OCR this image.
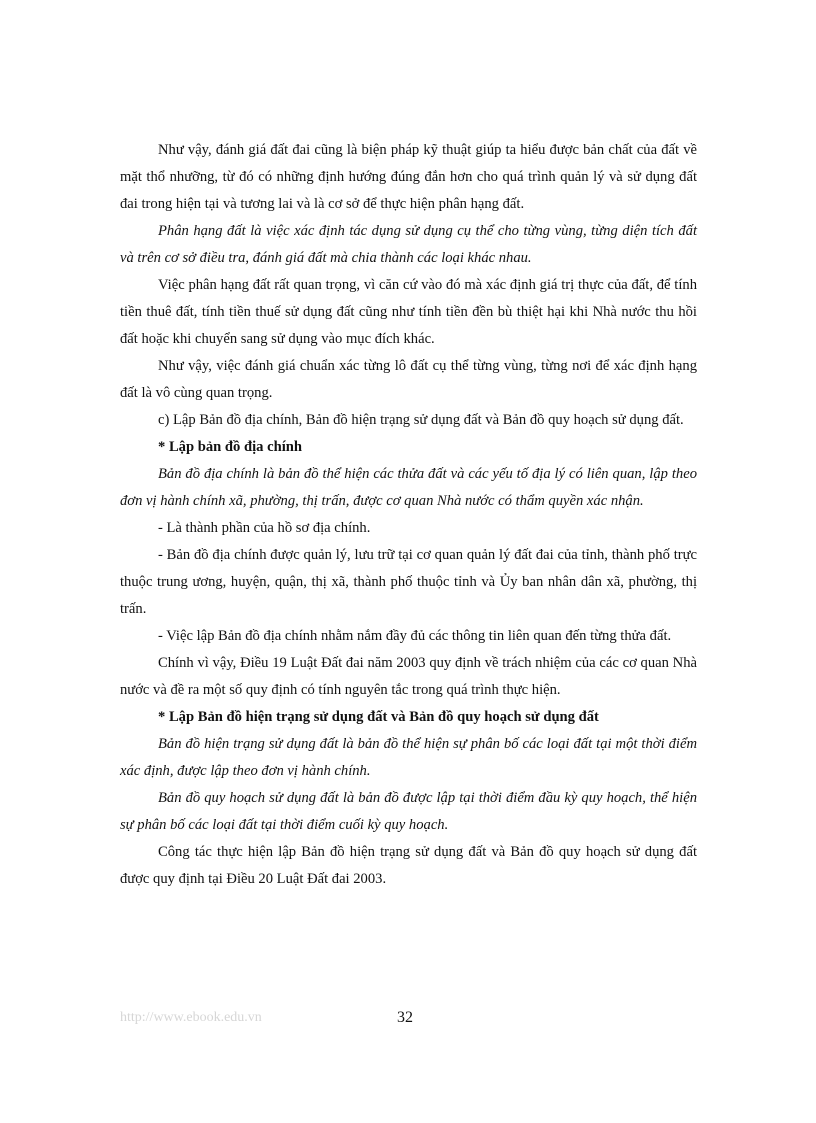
Như vậy, đánh giá đất đai cũng là biện pháp kỹ thuật giúp ta hiểu được bản chất của đất về mặt thổ nhưỡng, từ đó có những định hướng đúng đắn hơn cho quá trình quản lý và sử dụng đất đai trong hiện tại và tương lai và là cơ sở để thực hiện phân hạng đất.

Phân hạng đất là việc xác định tác dụng sử dụng cụ thể cho từng vùng, từng diện tích đất và trên cơ sở điều tra, đánh giá đất mà chia thành các loại khác nhau.

Việc phân hạng đất rất quan trọng, vì căn cứ vào đó mà xác định giá trị thực của đất, để tính tiền thuê đất, tính tiền thuế sử dụng đất cũng như tính tiền đền bù thiệt hại khi Nhà nước thu hồi đất hoặc khi chuyển sang sử dụng vào mục đích khác.

Như vậy, việc đánh giá chuẩn xác từng lô đất cụ thể từng vùng, từng nơi để xác định hạng đất là vô cùng quan trọng.

c) Lập Bản đồ địa chính, Bản đồ hiện trạng sử dụng đất và Bản đồ quy hoạch sử dụng đất.

* Lập bản đồ địa chính

Bản đồ địa chính là bản đồ thể hiện các thửa đất và các yếu tố địa lý có liên quan, lập theo đơn vị hành chính xã, phường, thị trấn, được cơ quan Nhà nước có thẩm quyền xác nhận.

- Là thành phần của hồ sơ địa chính.

- Bản đồ địa chính được quản lý, lưu trữ tại cơ quan quản lý đất đai của tỉnh, thành phố trực thuộc trung ương, huyện, quận, thị xã, thành phố thuộc tỉnh và Ủy ban nhân dân xã, phường, thị trấn.

- Việc lập Bản đồ địa chính nhằm nắm đầy đủ các thông tin liên quan đến từng thửa đất.

Chính vì vậy, Điều 19 Luật Đất đai năm 2003 quy định về trách nhiệm của các cơ quan Nhà nước và đề ra một số quy định có tính nguyên tắc trong quá trình thực hiện.

* Lập Bản đồ hiện trạng sử dụng đất và Bản đồ quy hoạch sử dụng đất

Bản đồ hiện trạng sử dụng đất là bản đồ thể hiện sự phân bố các loại đất tại một thời điểm xác định, được lập theo đơn vị hành chính.

Bản đồ quy hoạch sử dụng đất là bản đồ được lập tại thời điểm đầu kỳ quy hoạch, thể hiện sự phân bố các loại đất tại thời điểm cuối kỳ quy hoạch.

Công tác thực hiện lập Bản đồ hiện trạng sử dụng đất và Bản đồ quy hoạch sử dụng đất được quy định tại Điều 20 Luật Đất đai 2003.

http://www.ebook.edu.vn	32
